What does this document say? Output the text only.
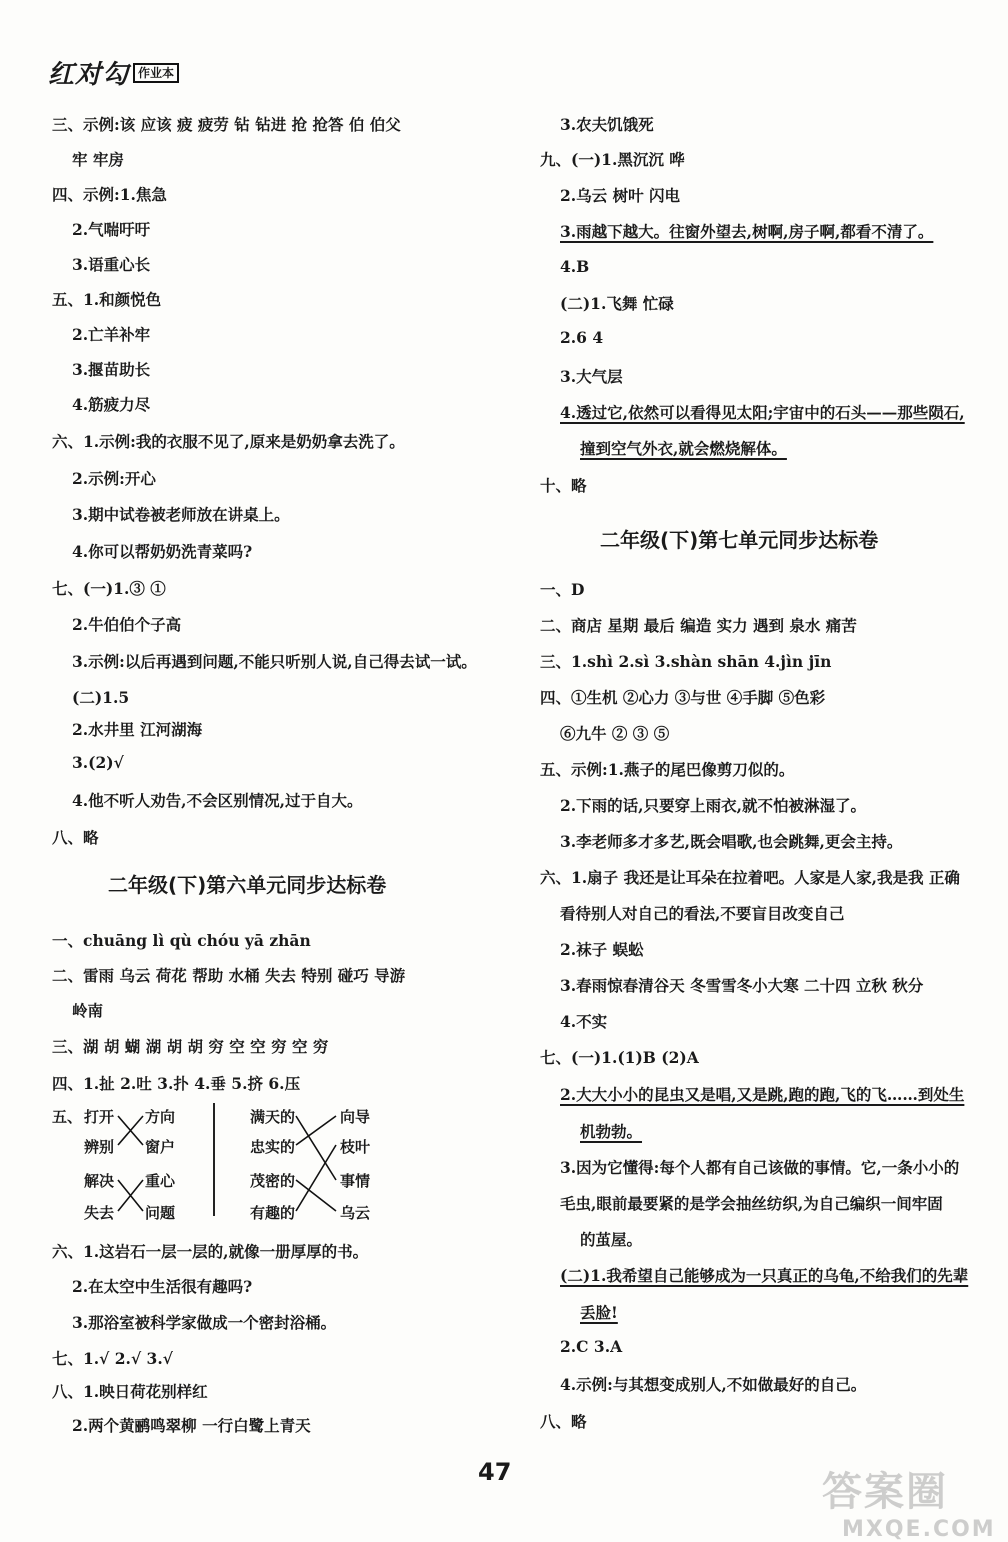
红对勾 作业本
三、示例:该 应该 疲 疲劳 钻 钻进 抢 抢答 伯 伯父
牢 牢房
四、示例:1.焦急
2.气喘吁吁
3.语重心长
五、1.和颜悦色
2.亡羊补牢
3.揠苗助长
4.筋疲力尽
六、1.示例:我的衣服不见了,原来是奶奶拿去洗了。
2.示例:开心
3.期中试卷被老师放在讲桌上。
4.你可以帮奶奶洗青菜吗?
七、(一)1.③ ①
2.牛伯伯个子高
3.示例:以后再遇到问题,不能只听别人说,自己得去试一试。
(二)1.5
2.水井里 江河湖海
3.(2)√
4.他不听人劝告,不会区别情况,过于自大。
八、略
一、chuāng lì qù chóu yā zhān
二、雷雨 乌云 荷花 帮助 水桶 失去 特别 碰巧 导游
岭南
三、湖 胡 蝴 湖 胡 胡 穷 空 空 穷 空 穷
四、1.扯 2.吐 3.扑 4.垂 5.挤 6.压
六、1.这岩石一层一层的,就像一册厚厚的书。
2.在太空中生活很有趣吗?
3.那浴室被科学家做成一个密封浴桶。
七、1.√ 2.√ 3.√
八、1.映日荷花别样红
2.两个黄鹂鸣翠柳 一行白鹭上青天
二年级(下)第六单元同步达标卷
五、 打开
辨别
解决
失去
方向
窗户
重心
问题
满天的
忠实的
茂密的
有趣的
向导
枝叶
事情
乌云
3.农夫饥饿死
九、(一)1.黑沉沉 哗
2.乌云 树叶 闪电
3.雨越下越大。往窗外望去,树啊,房子啊,都看不清了。
4.B
(二)1.飞舞 忙碌
2.6 4
3.大气层
4.透过它,依然可以看得见太阳;宇宙中的石头——那些陨石,
撞到空气外衣,就会燃烧解体。
十、略
一、D
二、商店 星期 最后 编造 实力 遇到 泉水 痛苦
三、1.shì 2.sì 3.shàn shān 4.jìn jīn
四、①生机 ②心力 ③与世 ④手脚 ⑤色彩
⑥九牛 ② ③ ⑤
五、示例:1.燕子的尾巴像剪刀似的。
2.下雨的话,只要穿上雨衣,就不怕被淋湿了。
3.李老师多才多艺,既会唱歌,也会跳舞,更会主持。
六、1.扇子 我还是让耳朵在拉着吧。人家是人家,我是我 正确
看待别人对自己的看法,不要盲目改变自己
2.袜子 蜈蚣
3.春雨惊春清谷天 冬雪雪冬小大寒 二十四 立秋 秋分
4.不实
七、(一)1.(1)B (2)A
2.大大小小的昆虫又是唱,又是跳,跑的跑,飞的飞……到处生
机勃勃。
3.因为它懂得:每个人都有自己该做的事情。它,一条小小的
毛虫,眼前最要紧的是学会抽丝纺织,为自己编织一间牢固
的茧屋。
(二)1.我希望自己能够成为一只真正的乌龟,不给我们的先辈
丢脸!
2.C 3.A
4.示例:与其想变成别人,不如做最好的自己。
八、略
二年级(下)第七单元同步达标卷
47	答案圈
MXQE.COM
